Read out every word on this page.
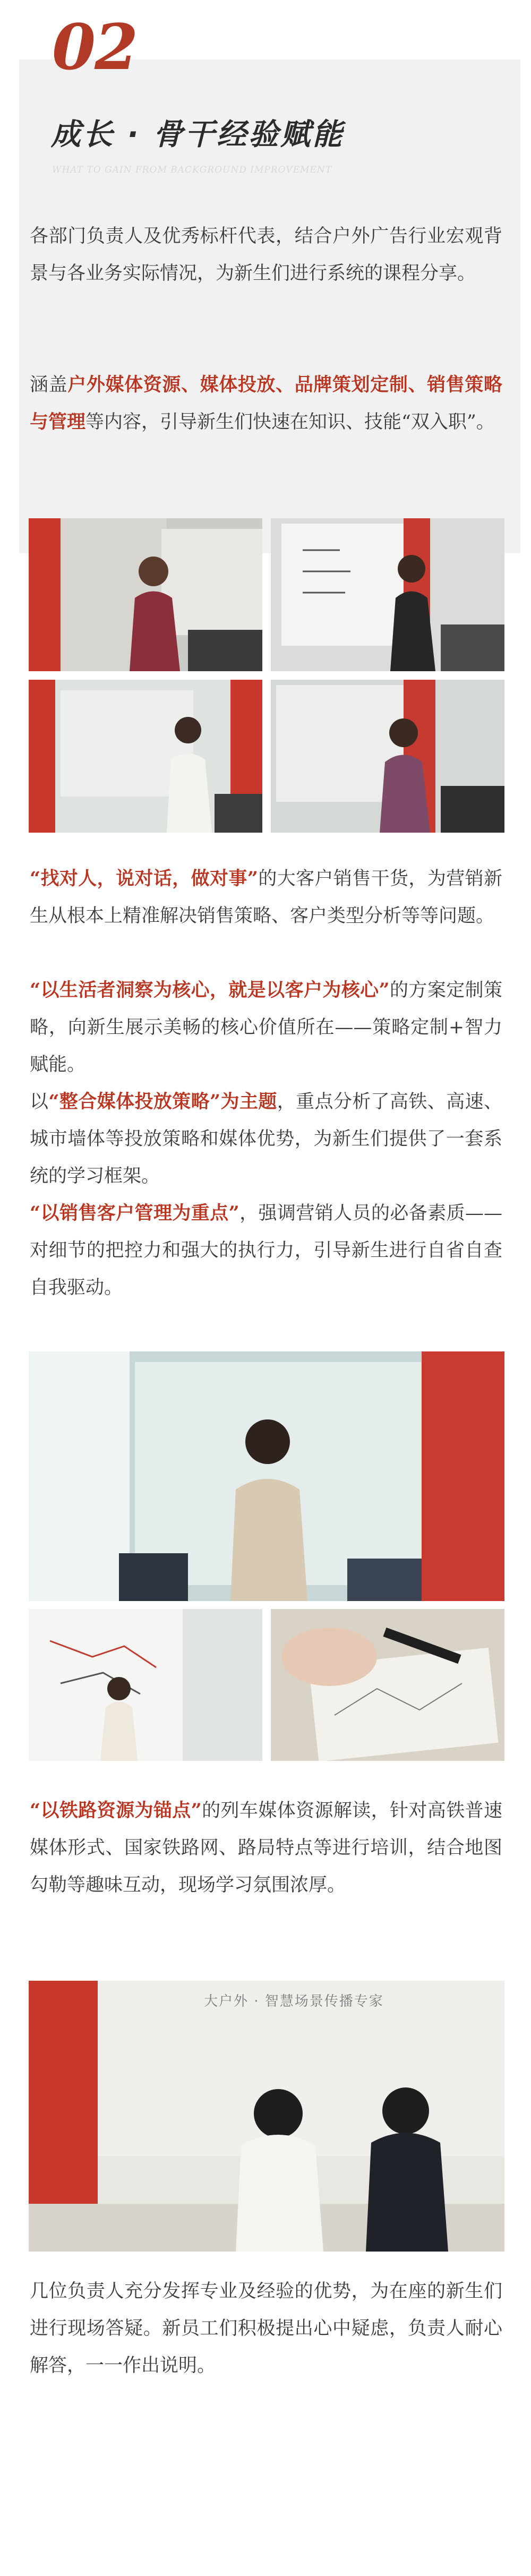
02
成长 · 骨干经验赋能
WHAT TO GAIN FROM BACKGROUND IMPROVEMENT

各部门负责人及优秀标杆代表，结合户外广告行业宏观背景与各业务实际情况，为新生们进行系统的课程分享。

涵盖户外媒体资源、媒体投放、品牌策划定制、销售策略与管理等内容，引导新生们快速在知识、技能“双入职”。

“找对人，说对话，做对事”的大客户销售干货，为营销新生从根本上精准解决销售策略、客户类型分析等等问题。

“以生活者洞察为核心，就是以客户为核心”的方案定制策略，向新生展示美畅的核心价值所在——策略定制+智力赋能。

以“整合媒体投放策略”为主题，重点分析了高铁、高速、城市墙体等投放策略和媒体优势，为新生们提供了一套系统的学习框架。

“以销售客户管理为重点”，强调营销人员的必备素质——对细节的把控力和强大的执行力，引导新生进行自省自查自我驱动。

“以铁路资源为锚点”的列车媒体资源解读，针对高铁普速媒体形式、国家铁路网、路局特点等进行培训，结合地图勾勒等趣味互动，现场学习氛围浓厚。

大户外 · 智慧场景传播专家

几位负责人充分发挥专业及经验的优势，为在座的新生们进行现场答疑。新员工们积极提出心中疑虑，负责人耐心解答，一一作出说明。
